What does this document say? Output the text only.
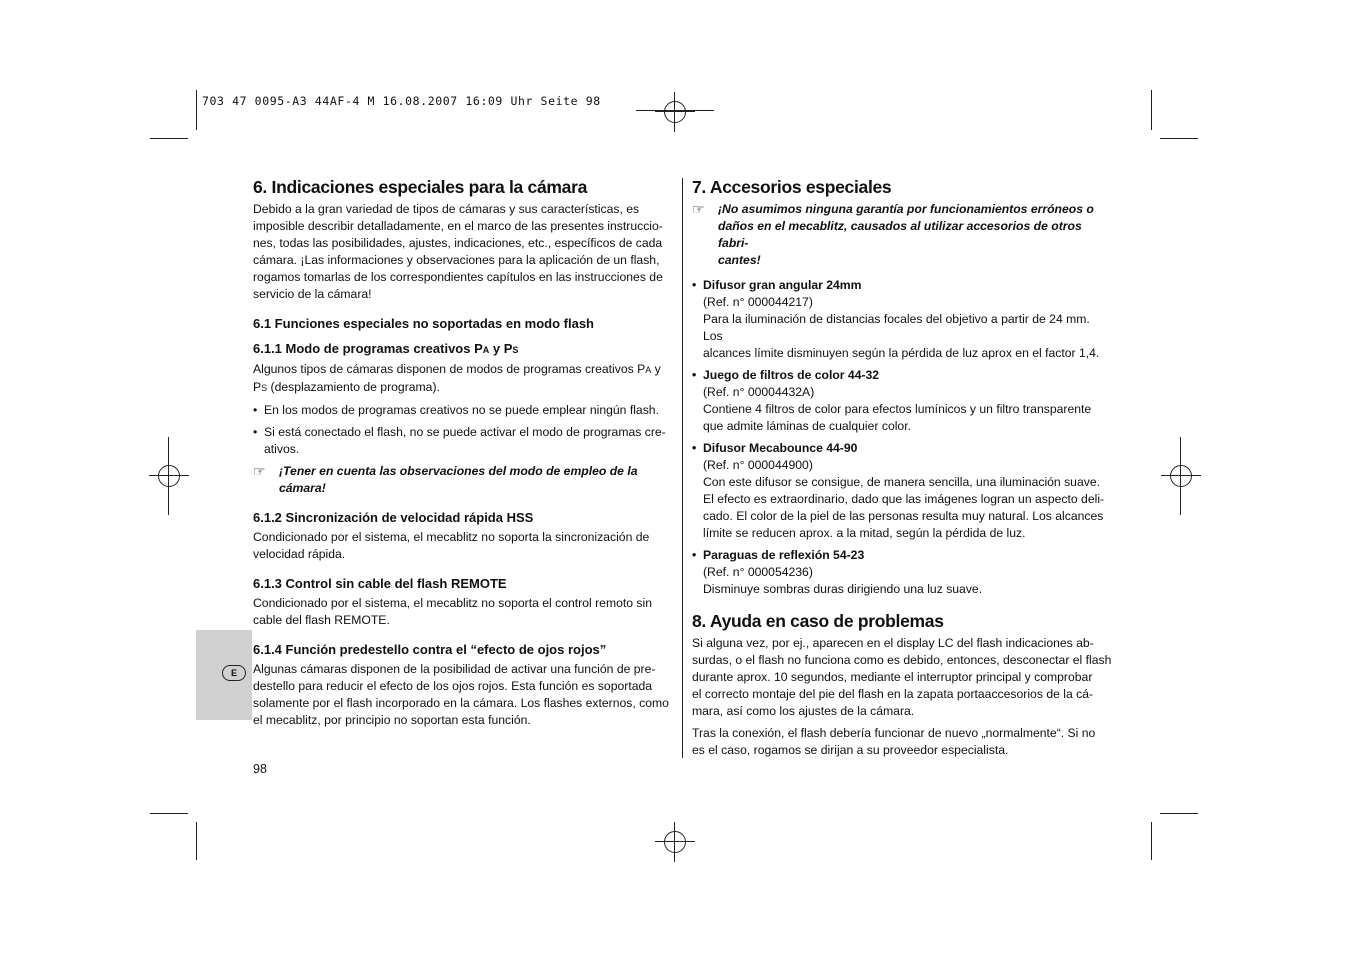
703 47 0095-A3 44AF-4 M 16.08.2007 16:09 Uhr Seite 98
E
6. Indicaciones especiales para la cámara

Debido a la gran variedad de tipos de cámaras y sus características, es

imposible describir detalladamente, en el marco de las presentes instruccio-

nes, todas las posibilidades, ajustes, indicaciones, etc., específicos de cada

cámara. ¡Las informaciones y observaciones para la aplicación de un flash,

rogamos tomarlas de los correspondientes capítulos en las instrucciones de

servicio de la cámara!

6.1 Funciones especiales no soportadas en modo flash
6.1.1 Modo de programas creativos PA y PS

Algunos tipos de cámaras disponen de modos de programas creativos PA y

PS (desplazamiento de programa).

• En los modos de programas creativos no se puede emplear ningún flash.
• Si está conectado el flash, no se puede activar el modo de programas cre-
ativos.
☞	¡Tener en cuenta las observaciones del modo de empleo de la cámara!
6.1.2 Sincronización de velocidad rápida HSS

Condicionado por el sistema, el mecablitz no soporta la sincronización de

velocidad rápida.

6.1.3 Control sin cable del flash REMOTE

Condicionado por el sistema, el mecablitz no soporta el control remoto sin

cable del flash REMOTE.

6.1.4 Función predestello contra el “efecto de ojos rojos”

Algunas cámaras disponen de la posibilidad de activar una función de pre-

destello para reducir el efecto de los ojos rojos. Esta función es soportada

solamente por el flash incorporado en la cámara. Los flashes externos, como

el mecablitz, por principio no soportan esta función.

7. Accesorios especiales
☞	¡No asumimos ninguna garantía por funcionamientos erróneos o
daños en el mecablitz, causados al utilizar accesorios de otros fabri-
cantes!
• Difusor gran angular 24mm

(Ref. n° 000044217)

Para la iluminación de distancias focales del objetivo a partir de 24 mm. Los

alcances límite disminuyen según la pérdida de luz aprox en el factor 1,4.

• Juego de filtros de color 44-32

(Ref. n° 00004432A)

Contiene 4 filtros de color para efectos lumínicos y un filtro transparente

que admite láminas de cualquier color.

• Difusor Mecabounce 44-90

(Ref. n° 000044900)

Con este difusor se consigue, de manera sencilla, una iluminación suave.

El efecto es extraordinario, dado que las imágenes logran un aspecto deli-

cado. El color de la piel de las personas resulta muy natural. Los alcances

límite se reducen aprox. a la mitad, según la pérdida de luz.

• Paraguas de reflexión 54-23

(Ref. n° 000054236)

Disminuye sombras duras dirigiendo una luz suave.

8. Ayuda en caso de problemas

Si alguna vez, por ej., aparecen en el display LC del flash indicaciones ab-

surdas, o el flash no funciona como es debido, entonces, desconectar el flash

durante aprox. 10 segundos, mediante el interruptor principal y comprobar

el correcto montaje del pie del flash en la zapata portaaccesorios de la cá-

mara, así como los ajustes de la cámara.

Tras la conexión, el flash debería funcionar de nuevo „normalmente“. Si no

es el caso, rogamos se dirijan a su proveedor especialista.

98
